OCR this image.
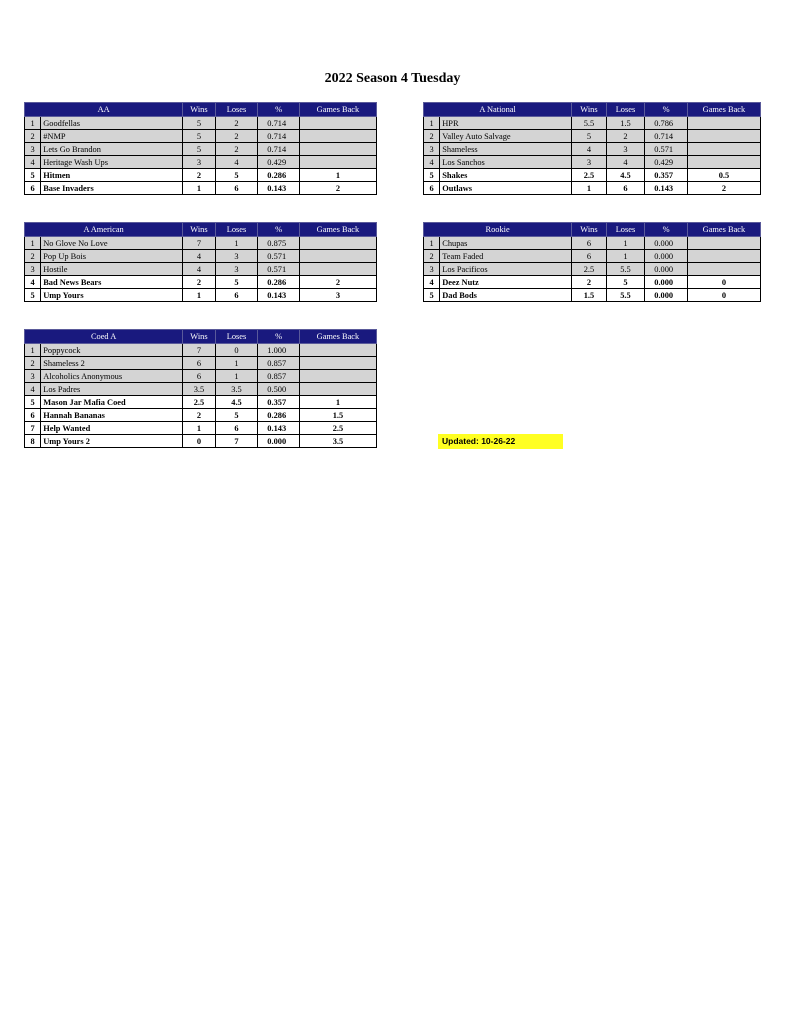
2022 Season 4 Tuesday
AA		Wins	Loses	%	Games Back
1	Goodfellas	5	2	0.714	
2	#NMP	5	2	0.714	
3	Lets Go Brandon	5	2	0.714	
4	Heritage Wash Ups	3	4	0.429	
5	Hitmen	2	5	0.286	1
6	Base Invaders	1	6	0.143	2
A National		Wins	Loses	%	Games Back
1	HPR	5.5	1.5	0.786	
2	Valley Auto Salvage	5	2	0.714	
3	Shameless	4	3	0.571	
4	Los Sanchos	3	4	0.429	
5	Shakes	2.5	4.5	0.357	0.5
6	Outlaws	1	6	0.143	2
A American		Wins	Loses	%	Games Back
1	No Glove No Love	7	1	0.875	
2	Pop Up Bois	4	3	0.571	
3	Hostile	4	3	0.571	
4	Bad News Bears	2	5	0.286	2
5	Ump Yours	1	6	0.143	3
Rookie		Wins	Loses	%	Games Back
1	Chupas	6	1	0.000	
2	Team Faded	6	1	0.000	
3	Los Pacificos	2.5	5.5	0.000	
4	Deez Nutz	2	5	0.000	0
5	Dad Bods	1.5	5.5	0.000	0
Coed A		Wins	Loses	%	Games Back
1	Poppycock	7	0	1.000	
2	Shameless 2	6	1	0.857	
3	Alcoholics Anonymous	6	1	0.857	
4	Los Padres	3.5	3.5	0.500	
5	Mason Jar Mafia Coed	2.5	4.5	0.357	1
6	Hannah Bananas	2	5	0.286	1.5
7	Help Wanted	1	6	0.143	2.5
8	Ump Yours 2	0	7	0.000	3.5	Updated: 10-26-22
